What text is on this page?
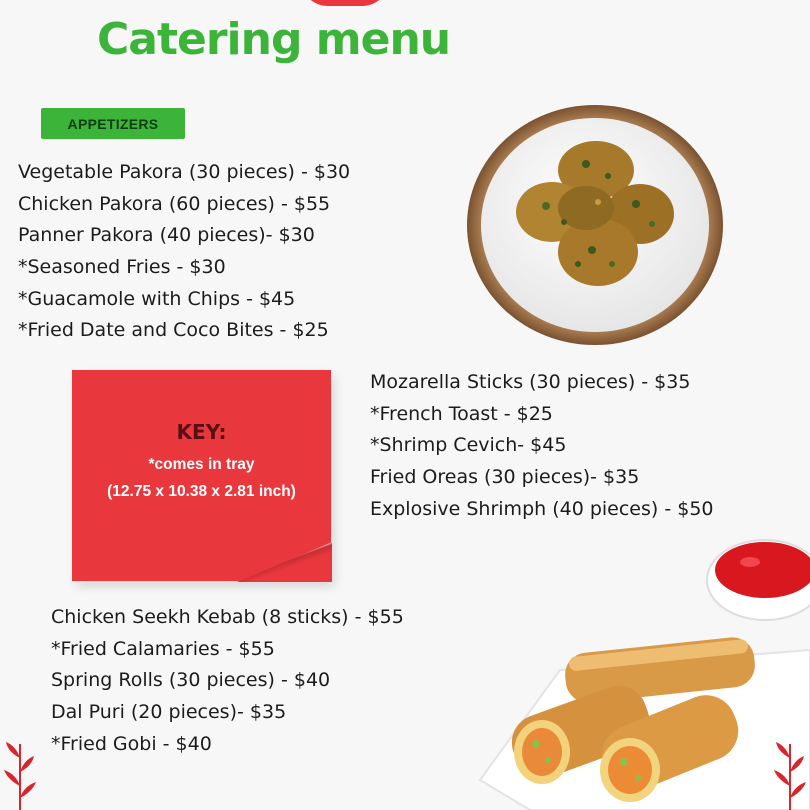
Catering menu
APPETIZERS
Vegetable Pakora (30 pieces) - $30
Chicken Pakora (60 pieces) - $55
Panner Pakora (40 pieces)- $30
*Seasoned Fries - $30
*Guacamole with Chips - $45
*Fried Date and Coco Bites - $25
KEY:
*comes in tray
(12.75 x 10.38 x 2.81 inch)
Mozarella Sticks (30 pieces) - $35
*French Toast - $25
*Shrimp Cevich- $45
Fried Oreas (30 pieces)- $35
Explosive Shrimph (40 pieces) - $50
Chicken Seekh Kebab (8 sticks) - $55
*Fried Calamaries - $55
Spring Rolls (30 pieces) - $40
Dal Puri (20 pieces)- $35
*Fried Gobi - $40
